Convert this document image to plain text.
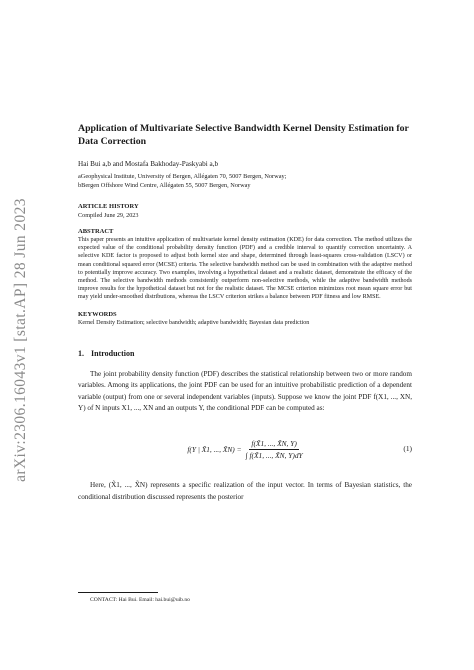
arXiv:2306.16043v1 [stat.AP] 28 Jun 2023
Application of Multivariate Selective Bandwidth Kernel Density Estimation for Data Correction
Hai Bui a,b and Mostafa Bakhoday-Paskyabi a,b
aGeophysical Institute, University of Bergen, Allégaten 70, 5007 Bergen, Norway;
bBergen Offshore Wind Centre, Allégaten 55, 5007 Bergen, Norway
ARTICLE HISTORY
Compiled June 29, 2023
ABSTRACT
This paper presents an intuitive application of multivariate kernel density estimation (KDE) for data correction. The method utilizes the expected value of the conditional probability density function (PDF) and a credible interval to quantify correction uncertainty. A selective KDE factor is proposed to adjust both kernel size and shape, determined through least-squares cross-validation (LSCV) or mean conditional squared error (MCSE) criteria. The selective bandwidth method can be used in combination with the adaptive method to potentially improve accuracy. Two examples, involving a hypothetical dataset and a realistic dataset, demonstrate the efficacy of the method. The selective bandwidth methods consistently outperform non-selective methods, while the adaptive bandwidth methods improve results for the hypothetical dataset but not for the realistic dataset. The MCSE criterion minimizes root mean square error but may yield under-smoothed distributions, whereas the LSCV criterion strikes a balance between PDF fitness and low RMSE.
KEYWORDS
Kernel Density Estimation; selective bandwidth; adaptive bandwidth; Bayesian data prediction
1. Introduction

The joint probability density function (PDF) describes the statistical relationship between two or more random variables. Among its applications, the joint PDF can be used for an intuitive probabilistic prediction of a dependent variable (output) from one or several independent variables (inputs). Suppose we know the joint PDF f(X1, ..., XN, Y) of N inputs X1, ..., XN and an outputs Y, the conditional PDF can be computed as:

f(Y | X̃1, ..., X̃N) = $\frac{f(X̃1, ..., X̃N, Y)}{\int f(X̃1, ..., X̃N, Y)dY}$	(1)

Here, (X̃1, ..., X̃N) represents a specific realization of the input vector. In terms of Bayesian statistics, the conditional distribution discussed represents the posterior

CONTACT: Hai Bui. Email: hai.bui@uib.no
